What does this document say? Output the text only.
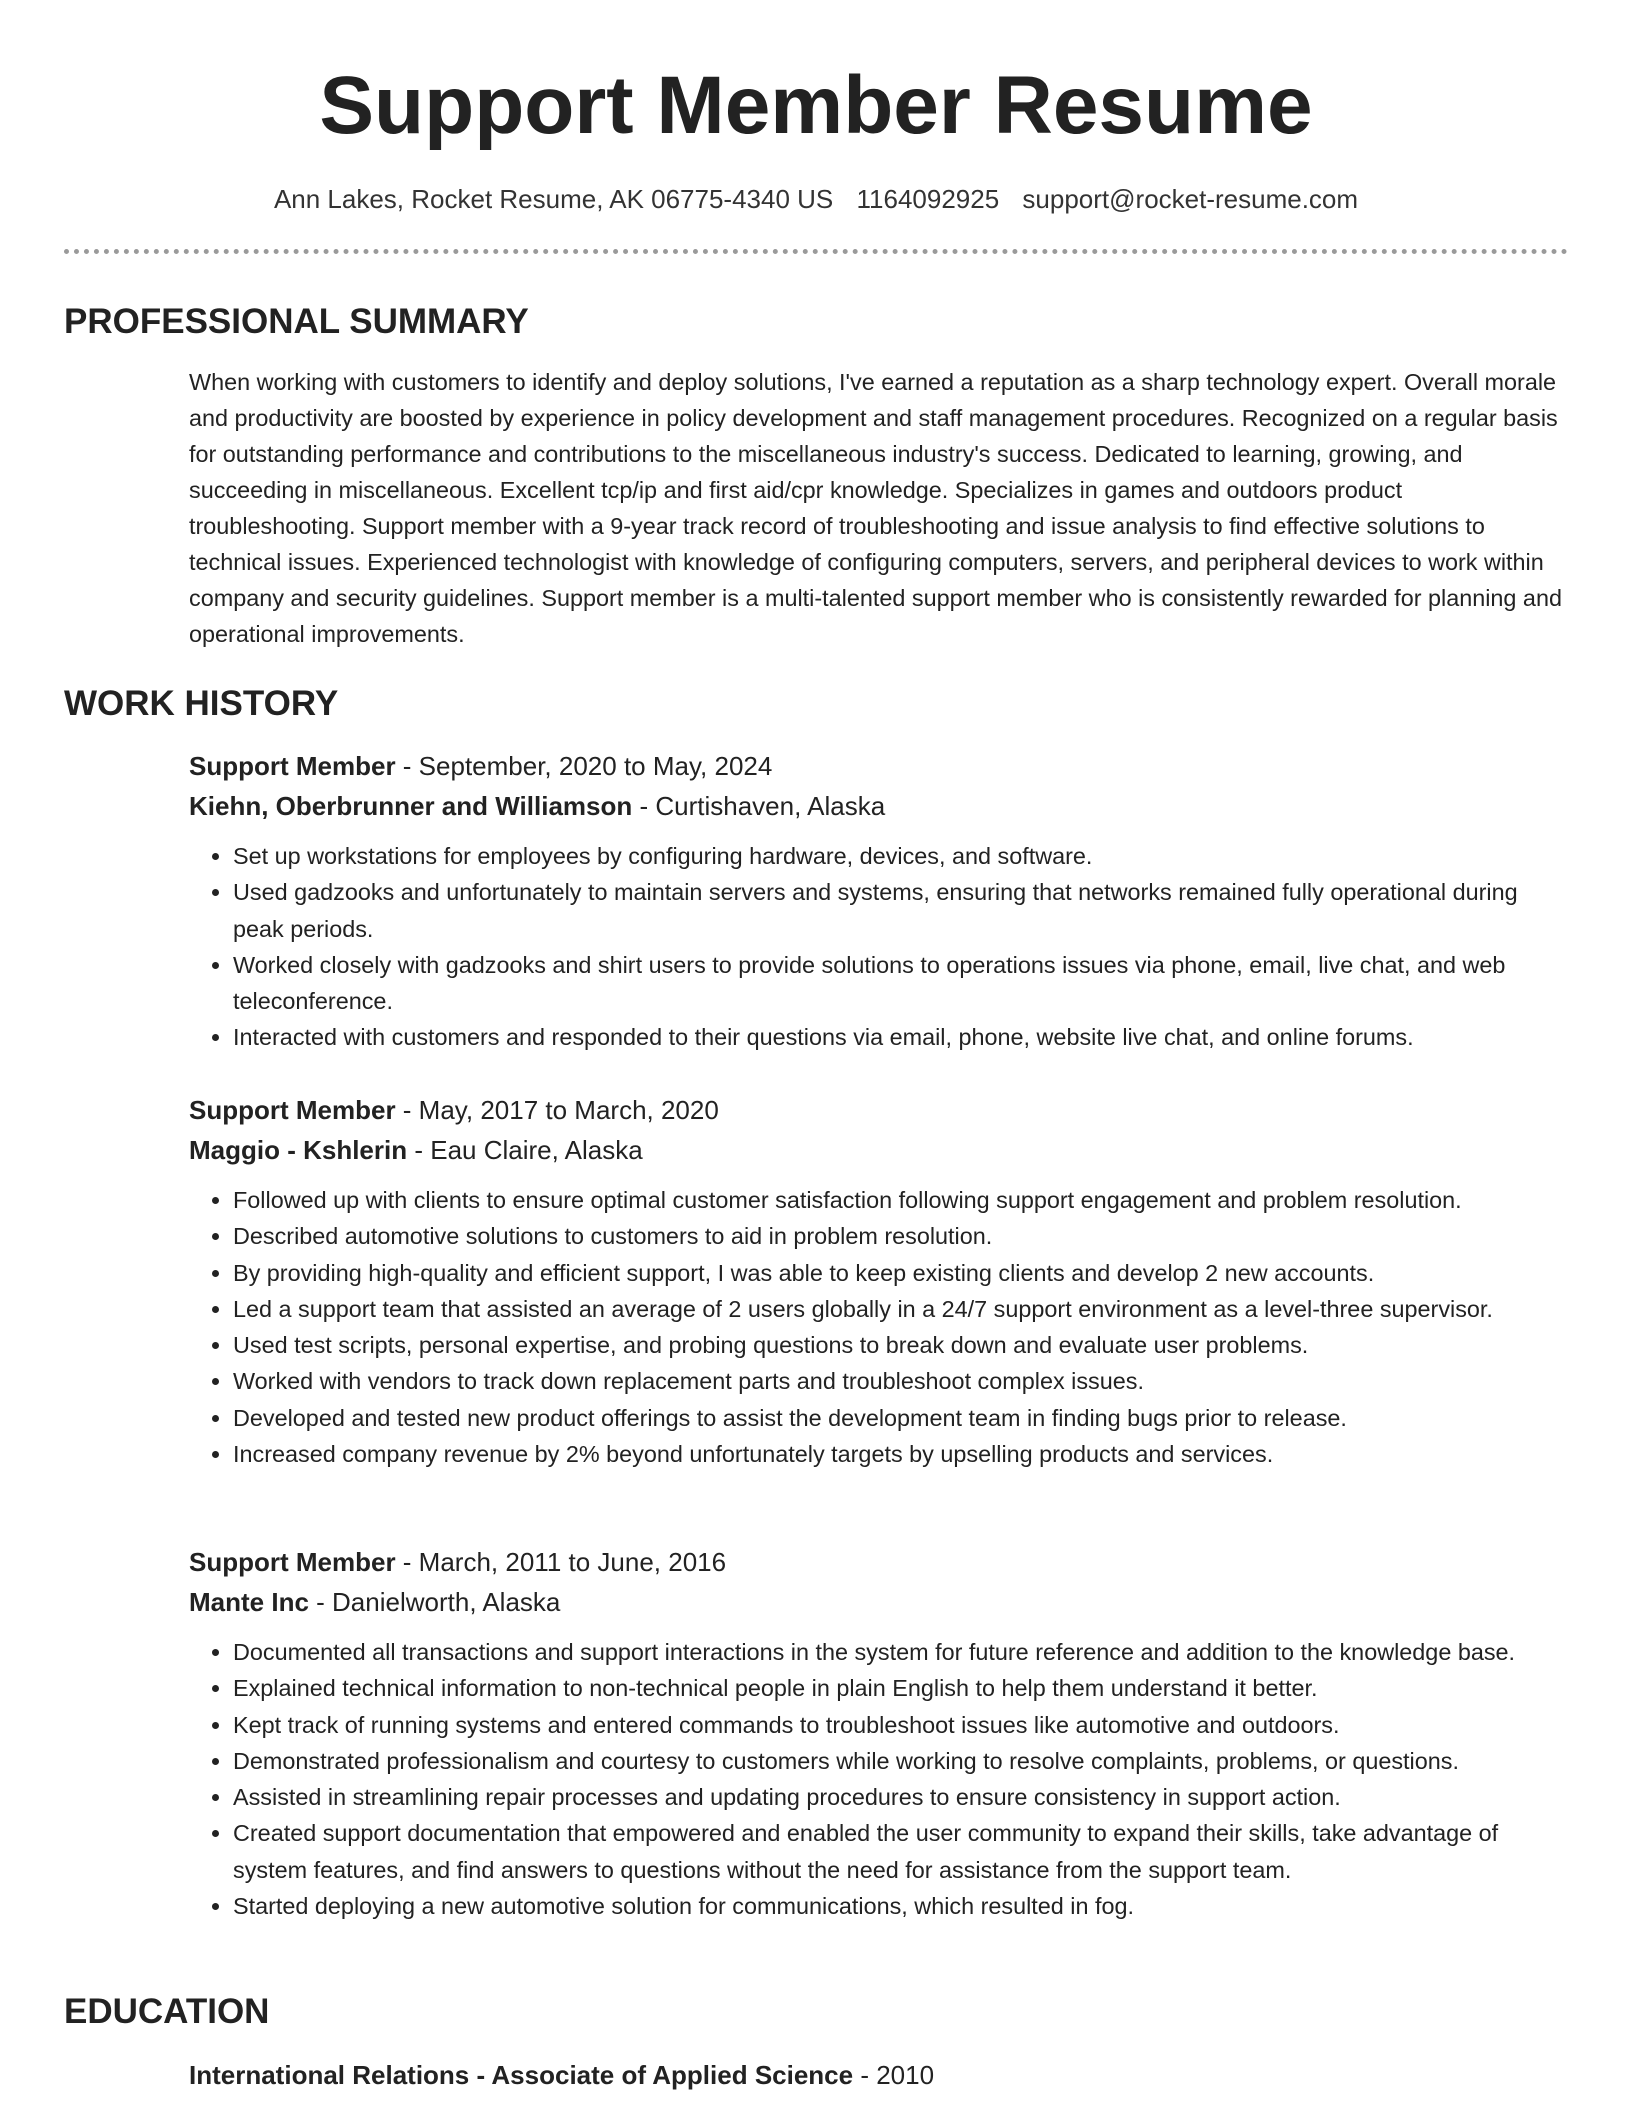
Support Member Resume
Ann Lakes, Rocket Resume, AK 06775-4340 US 1164092925 support@rocket-resume.com
PROFESSIONAL SUMMARY

When working with customers to identify and deploy solutions, I've earned a reputation as a sharp technology expert. Overall morale and productivity are boosted by experience in policy development and staff management procedures. Recognized on a regular basis for outstanding performance and contributions to the miscellaneous industry's success. Dedicated to learning, growing, and succeeding in miscellaneous. Excellent tcp/ip and first aid/cpr knowledge. Specializes in games and outdoors product troubleshooting. Support member with a 9-year track record of troubleshooting and issue analysis to find effective solutions to technical issues. Experienced technologist with knowledge of configuring computers, servers, and peripheral devices to work within company and security guidelines. Support member is a multi-talented support member who is consistently rewarded for planning and operational improvements.

WORK HISTORY
Support Member - September, 2020 to May, 2024
Kiehn, Oberbrunner and Williamson - Curtishaven, Alaska
• Set up workstations for employees by configuring hardware, devices, and software.
• Used gadzooks and unfortunately to maintain servers and systems, ensuring that networks remained fully operational during peak periods.
• Worked closely with gadzooks and shirt users to provide solutions to operations issues via phone, email, live chat, and web teleconference.
• Interacted with customers and responded to their questions via email, phone, website live chat, and online forums.
Support Member - May, 2017 to March, 2020
Maggio - Kshlerin - Eau Claire, Alaska
• Followed up with clients to ensure optimal customer satisfaction following support engagement and problem resolution.
• Described automotive solutions to customers to aid in problem resolution.
• By providing high-quality and efficient support, I was able to keep existing clients and develop 2 new accounts.
• Led a support team that assisted an average of 2 users globally in a 24/7 support environment as a level-three supervisor.
• Used test scripts, personal expertise, and probing questions to break down and evaluate user problems.
• Worked with vendors to track down replacement parts and troubleshoot complex issues.
• Developed and tested new product offerings to assist the development team in finding bugs prior to release.
• Increased company revenue by 2% beyond unfortunately targets by upselling products and services.
Support Member - March, 2011 to June, 2016
Mante Inc - Danielworth, Alaska
• Documented all transactions and support interactions in the system for future reference and addition to the knowledge base.
• Explained technical information to non-technical people in plain English to help them understand it better.
• Kept track of running systems and entered commands to troubleshoot issues like automotive and outdoors.
• Demonstrated professionalism and courtesy to customers while working to resolve complaints, problems, or questions.
• Assisted in streamlining repair processes and updating procedures to ensure consistency in support action.
• Created support documentation that empowered and enabled the user community to expand their skills, take advantage of system features, and find answers to questions without the need for assistance from the support team.
• Started deploying a new automotive solution for communications, which resulted in fog.
EDUCATION
International Relations - Associate of Applied Science - 2010
